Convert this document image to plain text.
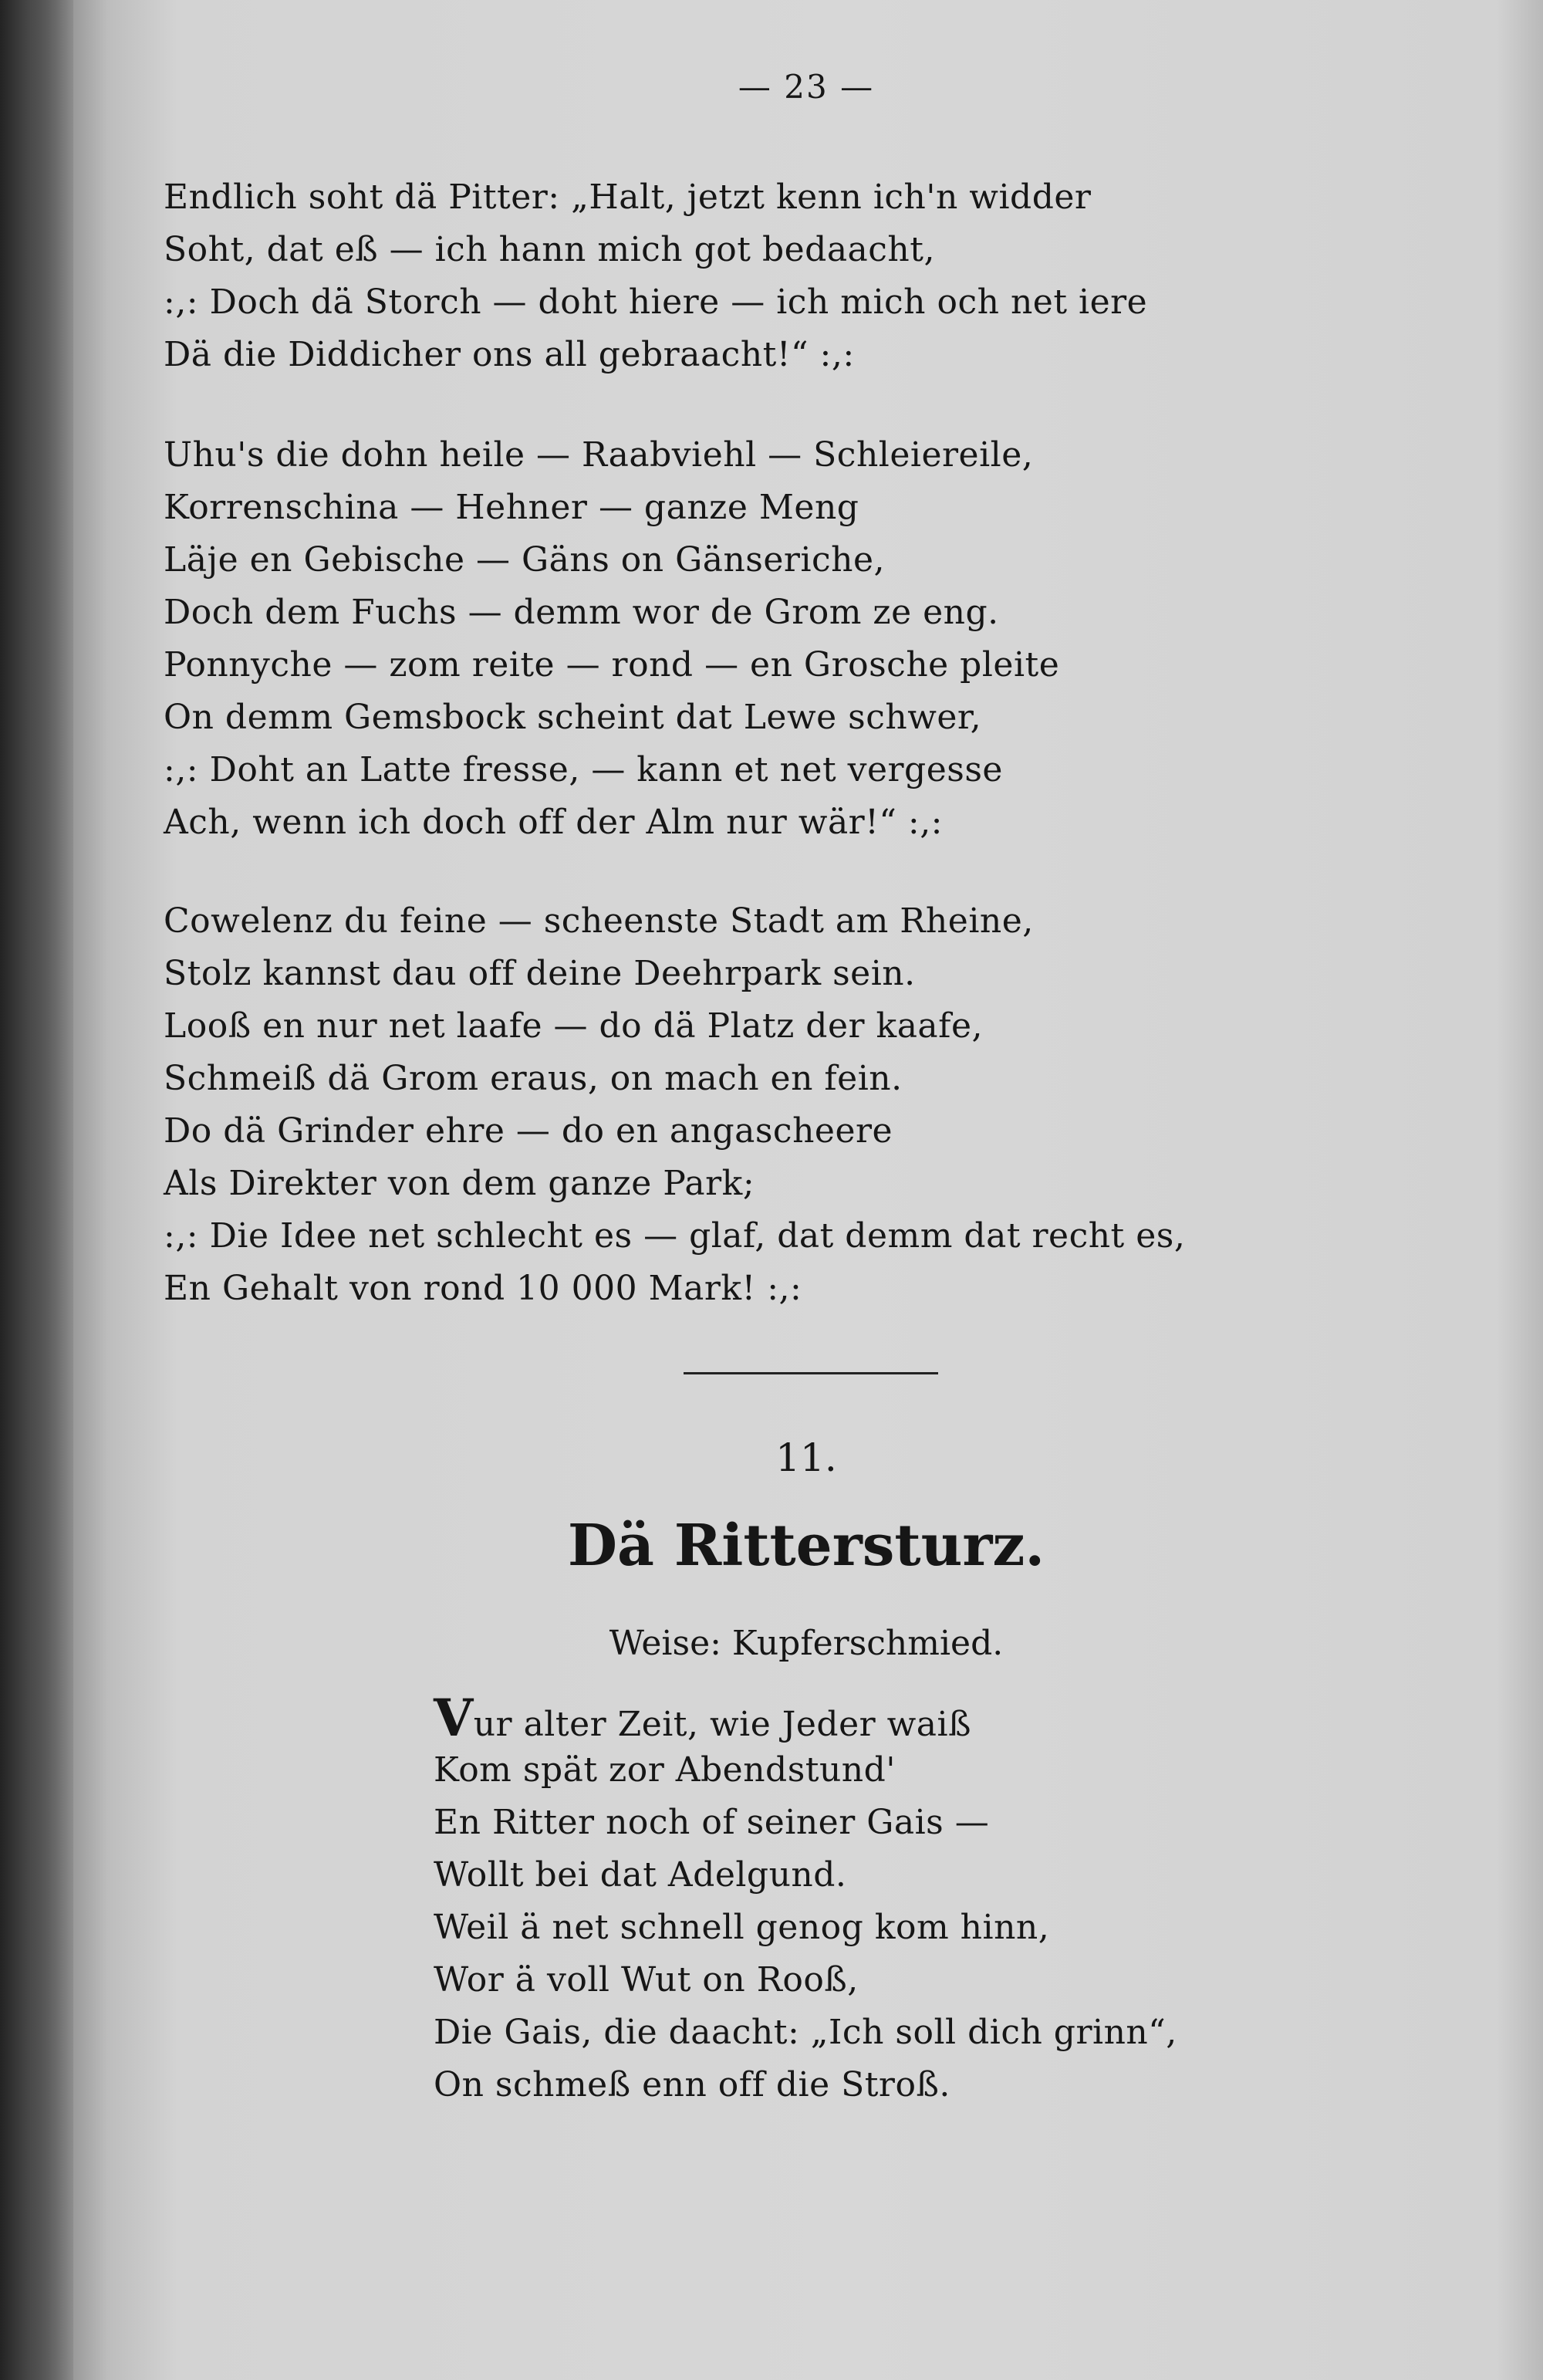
— 23 —
Endlich soht dä Pitter: „Halt, jetzt kenn ich'n widder
Soht, dat eß — ich hann mich got bedaacht,
:,: Doch dä Storch — doht hiere — ich mich och net iere
Dä die Diddicher ons all gebraacht!“ :,:
Uhu's die dohn heile — Raabviehl — Schleiereile,
Korrenschina — Hehner — ganze Meng
Läje en Gebische — Gäns on Gänseriche,
Doch dem Fuchs — demm wor de Grom ze eng.
Ponnyche — zom reite — rond — en Grosche pleite
On demm Gemsbock scheint dat Lewe schwer,
:,: Doht an Latte fresse, — kann et net vergesse
Ach, wenn ich doch off der Alm nur wär!“ :,:
Cowelenz du feine — scheenste Stadt am Rheine,
Stolz kannst dau off deine Deehrpark sein.
Looß en nur net laafe — do dä Platz der kaafe,
Schmeiß dä Grom eraus, on mach en fein.
Do dä Grinder ehre — do en angascheere
Als Direkter von dem ganze Park;
:,: Die Idee net schlecht es — glaf, dat demm dat recht es,
En Gehalt von rond 10 000 Mark! :,:
11.
Dä Rittersturz.
Weise: Kupferschmied.
Vur alter Zeit, wie Jeder waiß
Kom spät zor Abendstund'
En Ritter noch of seiner Gais —
Wollt bei dat Adelgund.
Weil ä net schnell genog kom hinn,
Wor ä voll Wut on Rooß,
Die Gais, die daacht: „Ich soll dich grinn“,
On schmeß enn off die Stroß.
